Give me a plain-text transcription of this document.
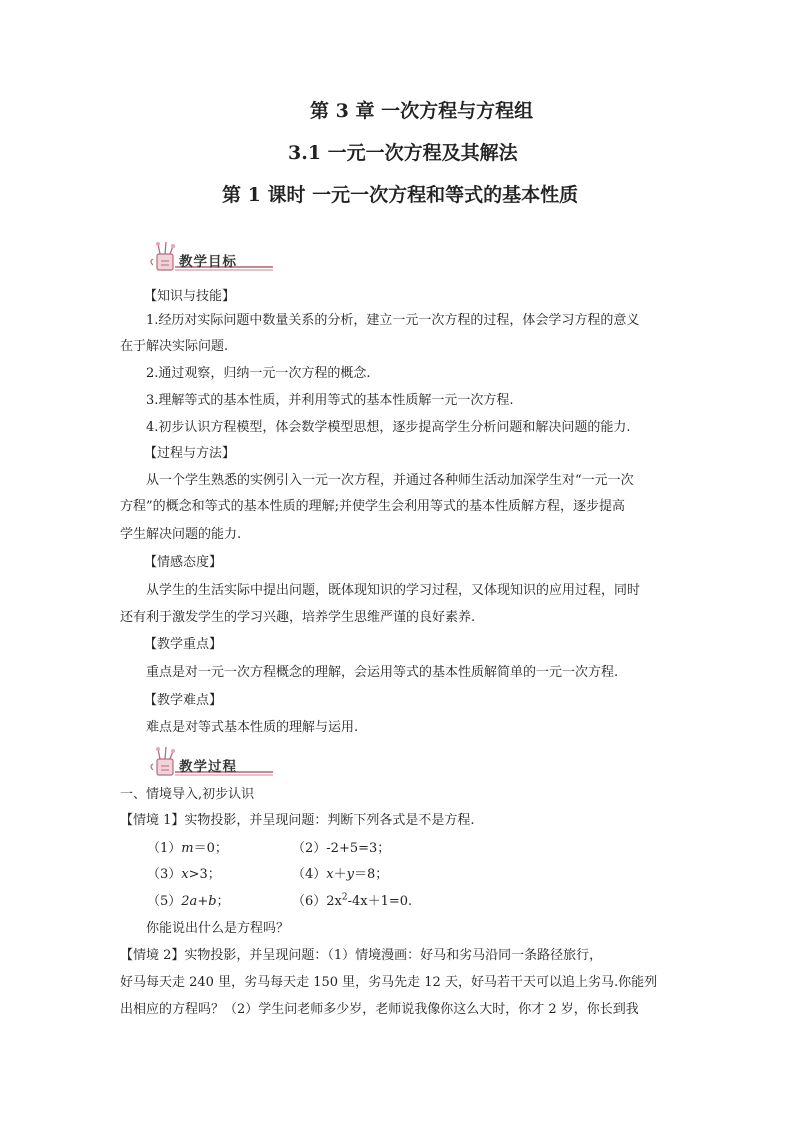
第 3 章 一次方程与方程组
3.1 一元一次方程及其解法
第 1 课时 一元一次方程和等式的基本性质
教学目标
【知识与技能】
1.经历对实际问题中数量关系的分析，建立一元一次方程的过程，体会学习方程的意义
在于解决实际问题.
2.通过观察，归纳一元一次方程的概念.
3.理解等式的基本性质，并利用等式的基本性质解一元一次方程.
4.初步认识方程模型，体会数学模型思想，逐步提高学生分析问题和解决问题的能力.
【过程与方法】
从一个学生熟悉的实例引入一元一次方程，并通过各种师生活动加深学生对“一元一次
方程”的概念和等式的基本性质的理解;并使学生会利用等式的基本性质解方程，逐步提高
学生解决问题的能力.
【情感态度】
从学生的生活实际中提出问题，既体现知识的学习过程，又体现知识的应用过程，同时
还有利于激发学生的学习兴趣，培养学生思维严谨的良好素养.
【教学重点】
重点是对一元一次方程概念的理解，会运用等式的基本性质解简单的一元一次方程.
【教学难点】
难点是对等式基本性质的理解与运用.
教学过程
一、情境导入,初步认识
【情境 1】实物投影，并呈现问题：判断下列各式是不是方程.
（1）m＝0；	（2）-2+5=3；
（3）x>3；	（4）x＋y＝8；
（5）2a+b；	$(6)2x^2-4x+1=0$.
你能说出什么是方程吗？
【情境 2】实物投影，并呈现问题：（1）情境漫画：好马和劣马沿同一条路径旅行，
好马每天走 240 里，劣马每天走 150 里，劣马先走 12 天，好马若干天可以追上劣马.你能列
出相应的方程吗？（2）学生问老师多少岁，老师说我像你这么大时，你才 2 岁，你长到我
